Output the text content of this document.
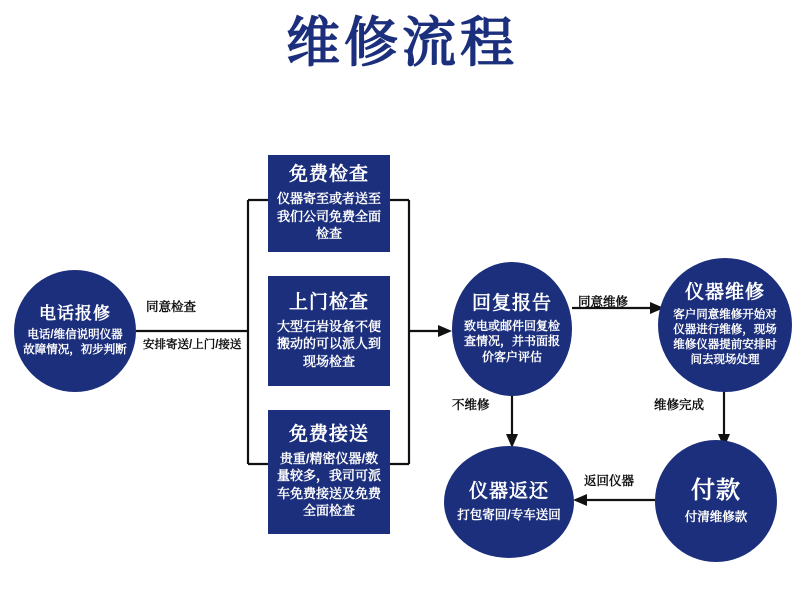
维修流程
电话报修
电话/维信说明仪器故障情况，初步判断
免费检查
仪器寄至或者送至我们公司免费全面检查
上门检查
大型石岩设备不便搬动的可以派人到现场检查
免费接送
贵重/精密仪器/数量较多，我司可派车免费接送及免费全面检查
回复报告
致电或邮件回复检查情况，并书面报价客户评估
仪器维修
客户同意维修开始对仪器进行维修，现场维修仪器提前安排时间去现场处理
付款
付清维修款
仪器返还
打包寄回/专车送回
同意检查
安排寄送/上门/接送
同意维修
不维修	维修完成
返回仪器
